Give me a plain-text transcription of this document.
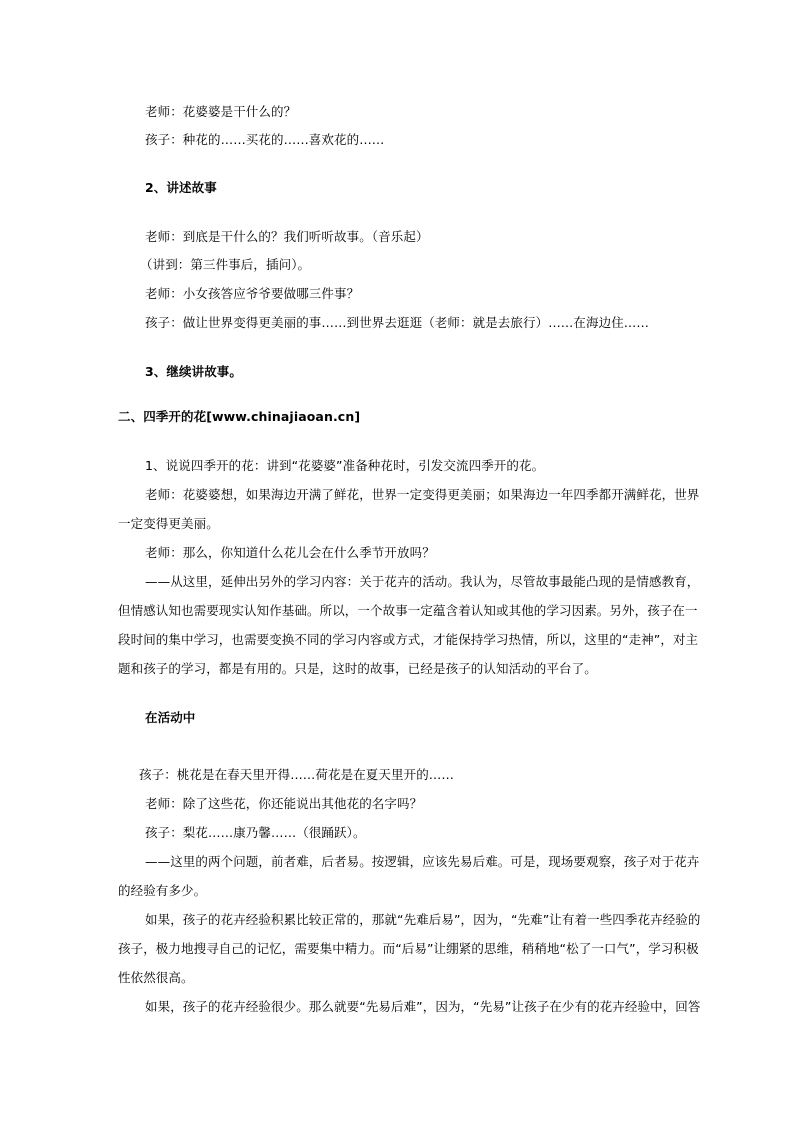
老师：花婆婆是干什么的？
孩子：种花的……买花的……喜欢花的……
2、讲述故事
老师：到底是干什么的？我们听听故事。（音乐起）
（讲到：第三件事后，插问）。
老师：小女孩答应爷爷要做哪三件事？
孩子：做让世界变得更美丽的事……到世界去逛逛（老师：就是去旅行）……在海边住……
3、继续讲故事。
二、四季开的花[www.chinajiaoan.cn]
1、说说四季开的花：讲到“花婆婆”准备种花时，引发交流四季开的花。
老师：花婆婆想，如果海边开满了鲜花，世界一定变得更美丽；如果海边一年四季都开满鲜花，世界
一定变得更美丽。
老师：那么，你知道什么花儿会在什么季节开放吗？
——从这里，延伸出另外的学习内容：关于花卉的活动。我认为，尽管故事最能凸现的是情感教育，
但情感认知也需要现实认知作基础。所以，一个故事一定蕴含着认知或其他的学习因素。另外，孩子在一
段时间的集中学习，也需要变换不同的学习内容或方式，才能保持学习热情，所以，这里的“走神”，对主
题和孩子的学习，都是有用的。只是，这时的故事，已经是孩子的认知活动的平台了。
在活动中
孩子：桃花是在春天里开得……荷花是在夏天里开的……
老师：除了这些花，你还能说出其他花的名字吗？
孩子：梨花……康乃馨……（很踊跃）。
——这里的两个问题，前者难，后者易。按逻辑，应该先易后难。可是，现场要观察，孩子对于花卉
的经验有多少。
如果，孩子的花卉经验积累比较正常的，那就“先难后易”，因为，“先难”让有着一些四季花卉经验的
孩子，极力地搜寻自己的记忆，需要集中精力。而“后易”让绷紧的思维，稍稍地“松了一口气”，学习积极
性依然很高。
如果，孩子的花卉经验很少。那么就要“先易后难”，因为，“先易”让孩子在少有的花卉经验中，回答
